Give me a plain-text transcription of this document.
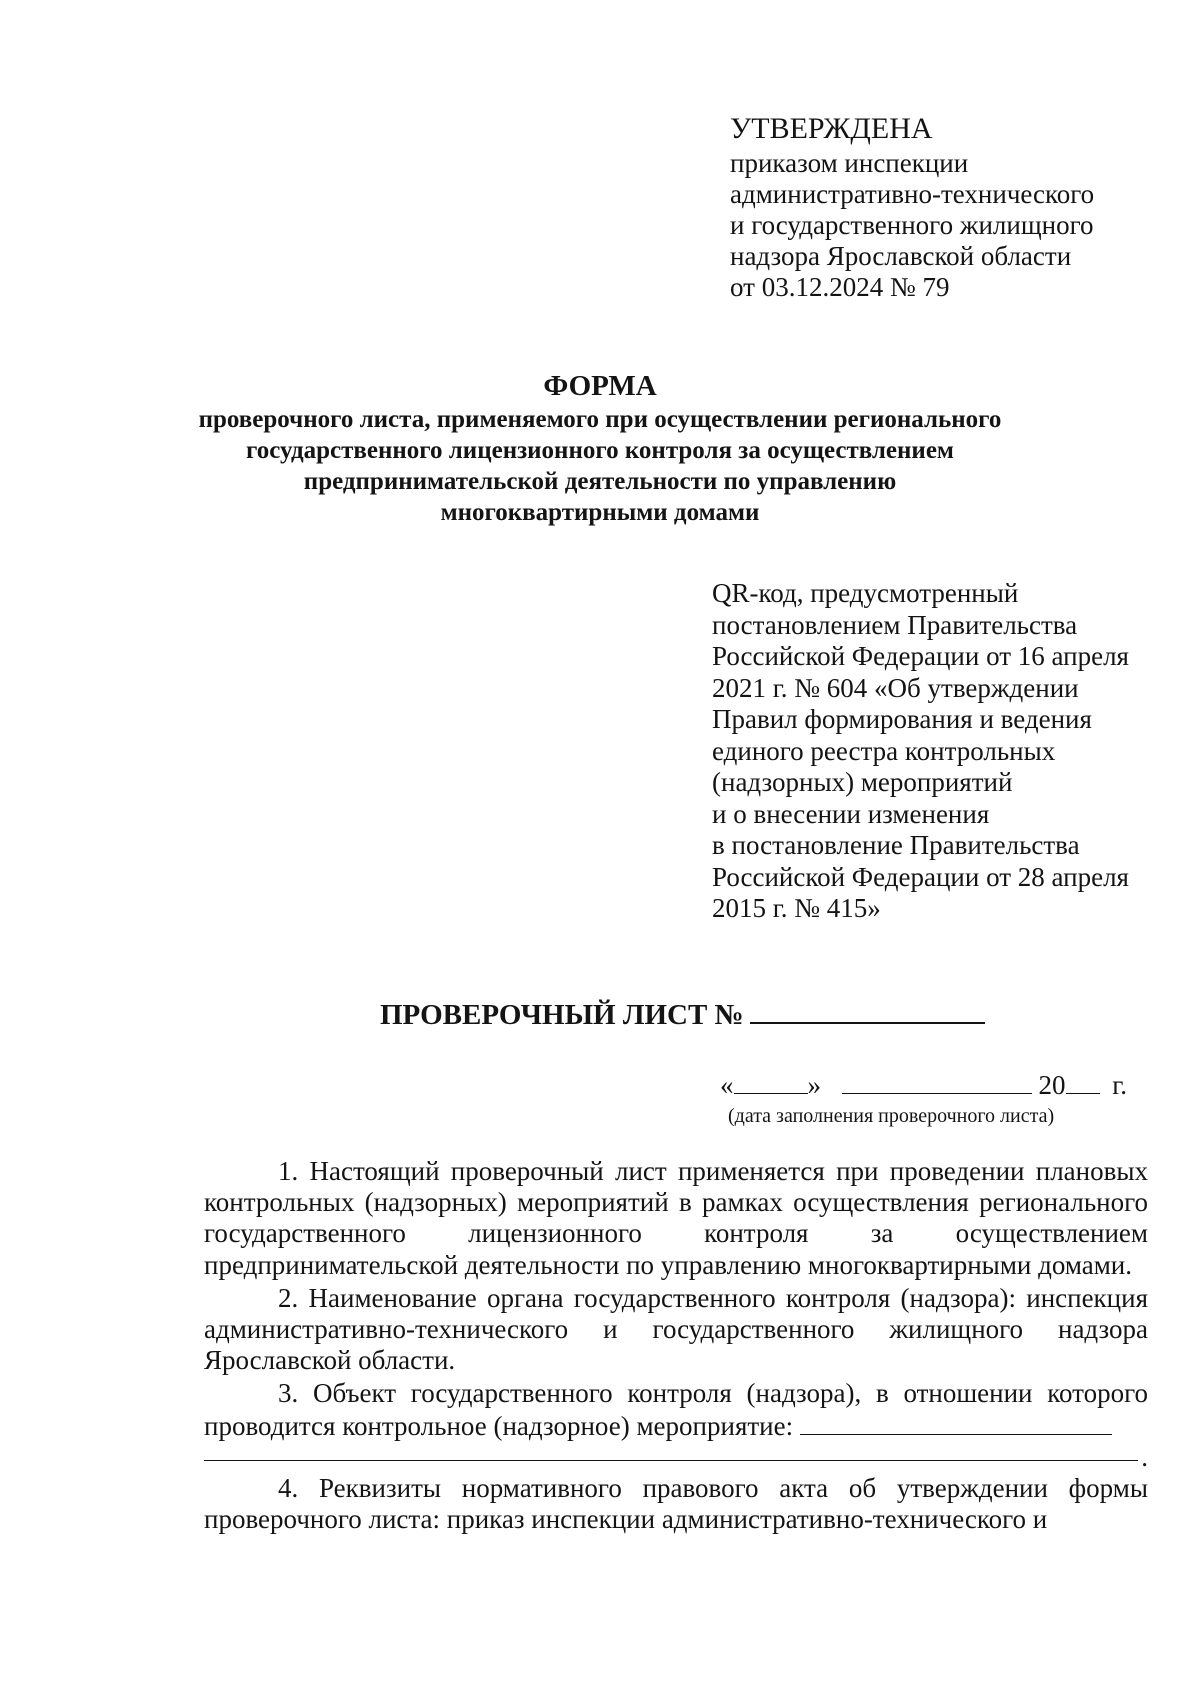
УТВЕРЖДЕНА
приказом инспекции
административно-технического
и государственного жилищного
надзора Ярославской области
от 03.12.2024 № 79
ФОРМА
проверочного листа, применяемого при осуществлении регионального
государственного лицензионного контроля за осуществлением
предпринимательской деятельности по управлению
многоквартирными домами
QR-код, предусмотренный
постановлением Правительства
Российской Федерации от 16 апреля
2021 г. № 604 «Об утверждении
Правил формирования и ведения
единого реестра контрольных
(надзорных) мероприятий
и о внесении изменения
в постановление Правительства
Российской Федерации от 28 апреля
2015 г. № 415»
ПРОВЕРОЧНЫЙ ЛИСТ №
«	»	20 г.
(дата заполнения проверочного листа)

1. Настоящий проверочный лист применяется при проведении плановых контрольных (надзорных) мероприятий в рамках осуществления регионального государственного лицензионного контроля за осуществлением предпринимательской деятельности по управлению многоквартирными домами.

2. Наименование органа государственного контроля (надзора): инспекция административно-технического и государственного жилищного надзора Ярославской области.

3. Объект государственного контроля (надзора), в отношении которого проводится контрольное (надзорное) мероприятие:

.

4. Реквизиты нормативного правового акта об утверждении формы проверочного листа: приказ инспекции административно-технического и
